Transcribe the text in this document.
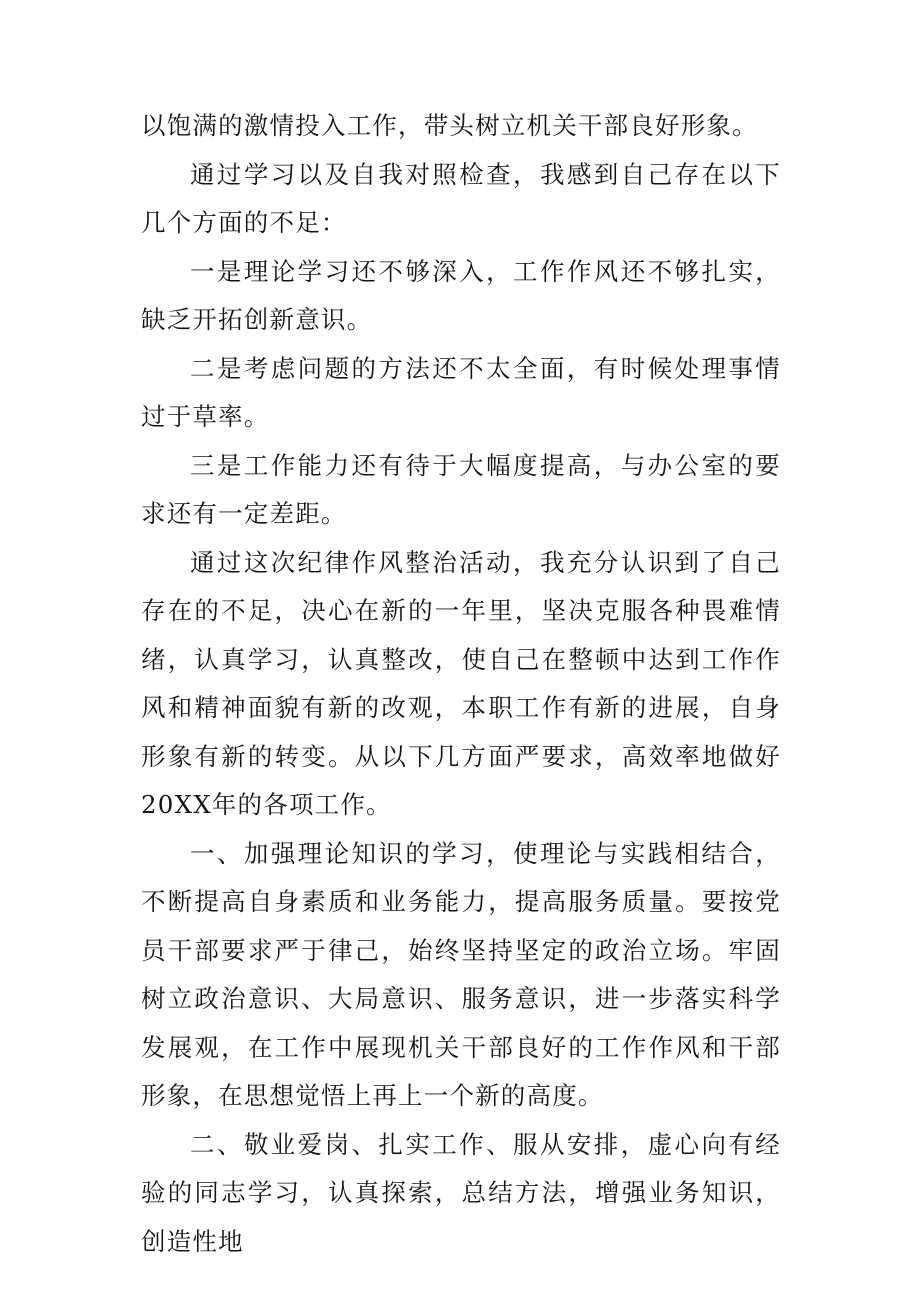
以饱满的激情投入工作，带头树立机关干部良好形象。

通过学习以及自我对照检查，我感到自己存在以下几个方面的不足：

一是理论学习还不够深入，工作作风还不够扎实，缺乏开拓创新意识。

二是考虑问题的方法还不太全面，有时候处理事情过于草率。

三是工作能力还有待于大幅度提高，与办公室的要求还有一定差距。

通过这次纪律作风整治活动，我充分认识到了自己存在的不足，决心在新的一年里，坚决克服各种畏难情绪，认真学习，认真整改，使自己在整顿中达到工作作风和精神面貌有新的改观，本职工作有新的进展，自身形象有新的转变。从以下几方面严要求，高效率地做好20XX年的各项工作。

一、加强理论知识的学习，使理论与实践相结合，不断提高自身素质和业务能力，提高服务质量。要按党员干部要求严于律己，始终坚持坚定的政治立场。牢固树立政治意识、大局意识、服务意识，进一步落实科学发展观，在工作中展现机关干部良好的工作作风和干部形象，在思想觉悟上再上一个新的高度。

二、敬业爱岗、扎实工作、服从安排，虚心向有经验的同志学习，认真探索，总结方法，增强业务知识，创造性地
